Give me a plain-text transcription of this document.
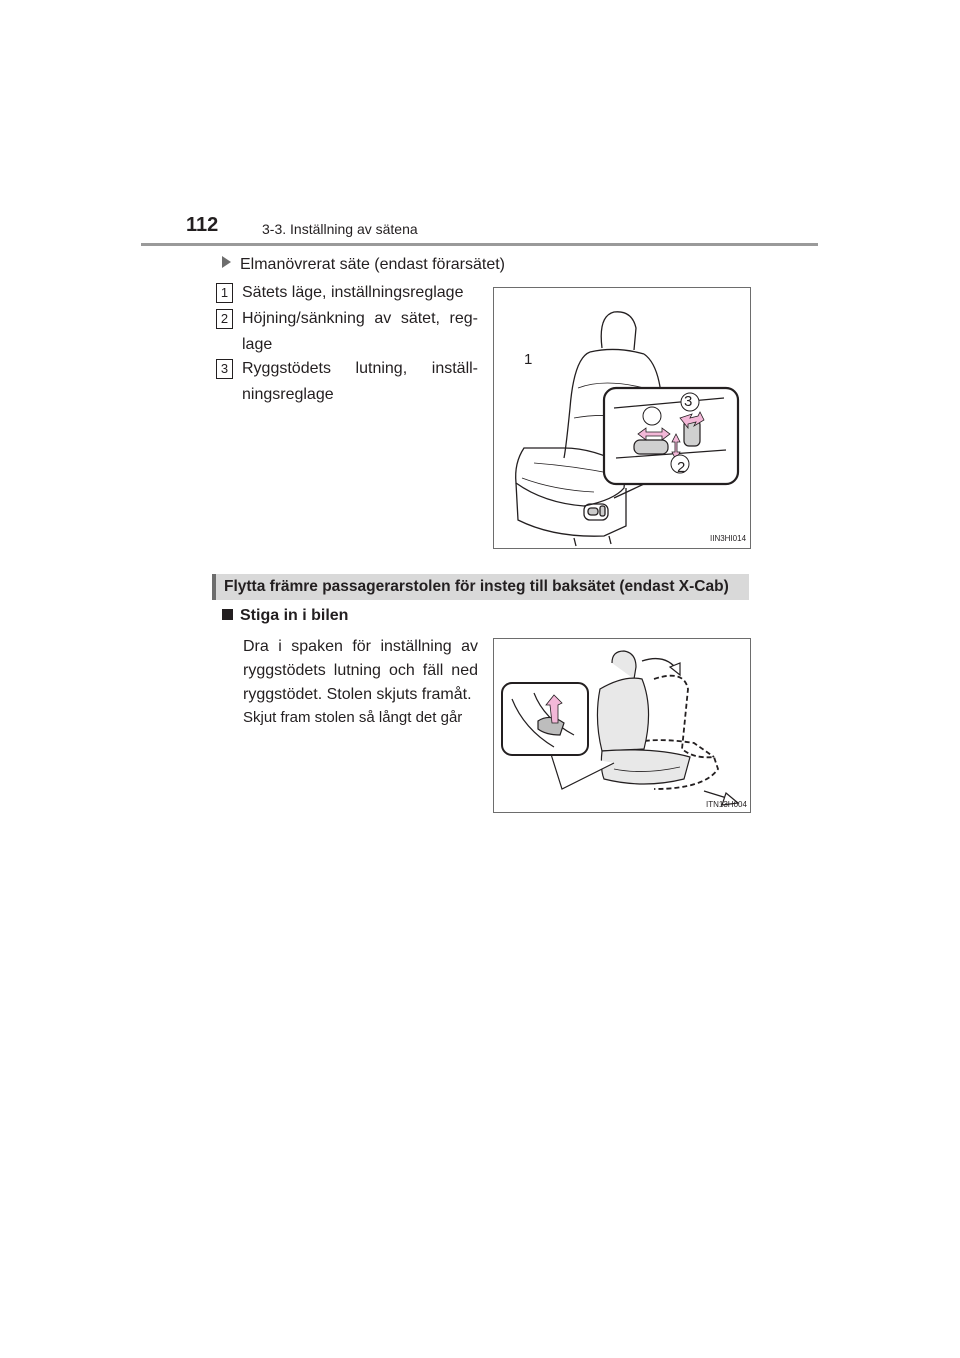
112	3-3. Inställning av sätena
Elmanövrerat säte (endast förarsätet)
1 Sätets läge, inställningsreglage
2 Höjning/sänkning av sätet, reg-lage
3 Ryggstödets lutning, inställ-ningsreglage
1
2
3
IIN3HI014
Flytta främre passagerarstolen för insteg till baksätet (endast X-Cab)
Stiga in i bilen
Dra i spaken för inställning av ryggstödets lutning och fäll ned ryggstödet. Stolen skjuts framåt.
Skjut fram stolen så långt det går
ITN13H004
